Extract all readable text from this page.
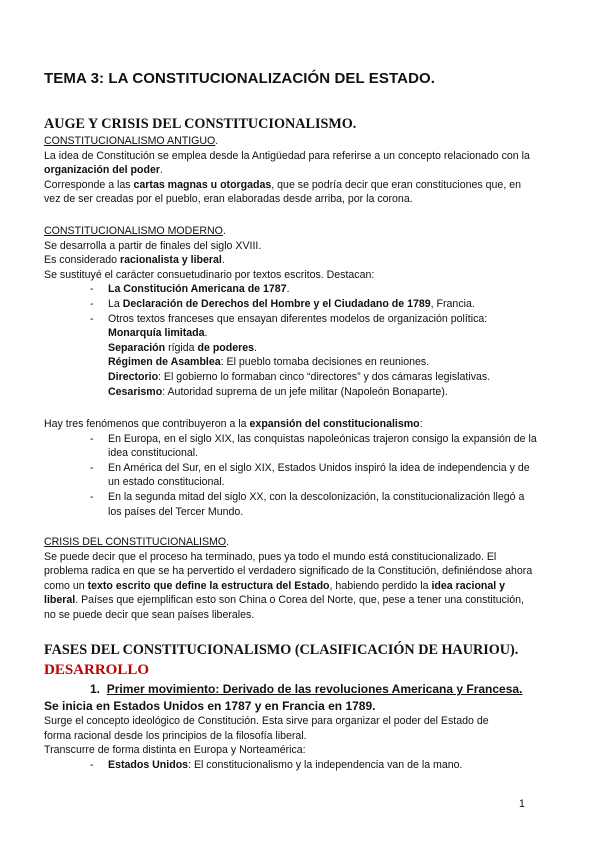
TEMA 3: LA CONSTITUCIONALIZACIÓN DEL ESTADO.
AUGE Y CRISIS DEL CONSTITUCIONALISMO.
CONSTITUCIONALISMO ANTIGUO.
La idea de Constitución se emplea desde la Antigüedad para referirse a un concepto relacionado con la
organización del poder.
Corresponde a las cartas magnas u otorgadas, que se podría decir que eran constituciones que, en
vez de ser creadas por el pueblo, eran elaboradas desde arriba, por la corona.
CONSTITUCIONALISMO MODERNO.
Se desarrolla a partir de finales del siglo XVIII.
Es considerado racionalista y liberal.
Se sustituyé el carácter consuetudinario por textos escritos. Destacan:
- La Constitución Americana de 1787.
- La Declaración de Derechos del Hombre y el Ciudadano de 1789, Francia.
- Otros textos franceses que ensayan diferentes modelos de organización política:
Monarquía limitada.
Separación rígida de poderes.
Régimen de Asamblea: El pueblo tomaba decisiones en reuniones.
Directorio: El gobierno lo formaban cinco “directores” y dos cámaras legislativas.
Cesarismo: Autoridad suprema de un jefe militar (Napoleón Bonaparte).
Hay tres fenómenos que contribuyeron a la expansión del constitucionalismo:
- En Europa, en el siglo XIX, las conquistas napoleónicas trajeron consigo la expansión de la
idea constitucional.
- En América del Sur, en el siglo XIX, Estados Unidos inspiró la idea de independencia y de
un estado constitucional.
- En la segunda mitad del siglo XX, con la descolonización, la constitucionalización llegó a
los países del Tercer Mundo.
CRISIS DEL CONSTITUCIONALISMO.
Se puede decir que el proceso ha terminado, pues ya todo el mundo está constitucionalizado. El
problema radica en que se ha pervertido el verdadero significado de la Constitución, definiéndose ahora
como un texto escrito que define la estructura del Estado, habiendo perdido la idea racional y
liberal. Países que ejemplifican esto son China o Corea del Norte, que, pese a tener una constitución,
no se puede decir que sean países liberales.
FASES DEL CONSTITUCIONALISMO (CLASIFICACIÓN DE HAURIOU).
DESARROLLO
1. Primer movimiento: Derivado de las revoluciones Americana y Francesa.
Se inicia en Estados Unidos en 1787 y en Francia en 1789.
Surge el concepto ideológico de Constitución. Esta sirve para organizar el poder del Estado de
forma racional desde los principios de la filosofía liberal.
Transcurre de forma distinta en Europa y Norteamérica:
- Estados Unidos: El constitucionalismo y la independencia van de la mano.
1
